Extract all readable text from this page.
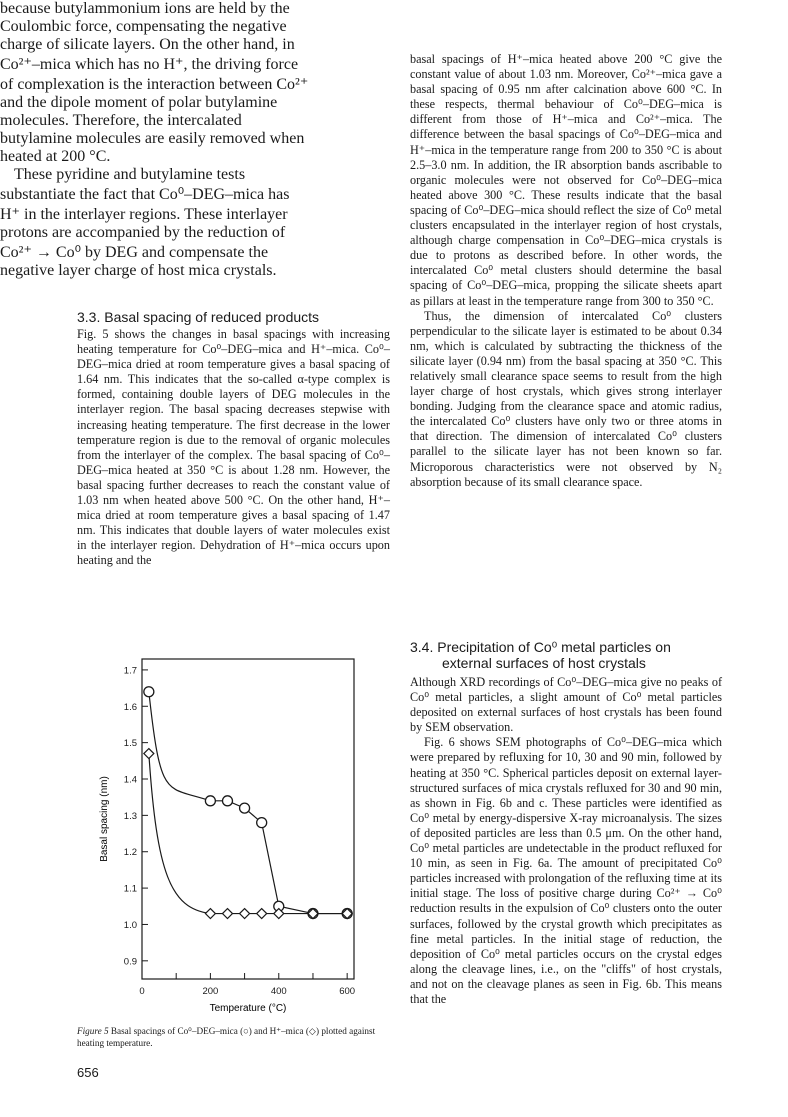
because butylammonium ions are held by the Coulombic force, compensating the negative charge of silicate layers. On the other hand, in Co²⁺–mica which has no H⁺, the driving force of complexation is the interaction between Co²⁺ and the dipole moment of polar butylamine molecules. Therefore, the intercalated butylamine molecules are easily removed when heated at 200 °C.

These pyridine and butylamine tests substantiate the fact that Co⁰–DEG–mica has H⁺ in the interlayer regions. These interlayer protons are accompanied by the reduction of Co²⁺ → Co⁰ by DEG and compensate the negative layer charge of host mica crystals.

3.3. Basal spacing of reduced products

Fig. 5 shows the changes in basal spacings with increasing heating temperature for Co⁰–DEG–mica and H⁺–mica. Co⁰–DEG–mica dried at room temperature gives a basal spacing of 1.64 nm. This indicates that the so-called α-type complex is formed, containing double layers of DEG molecules in the interlayer region. The basal spacing decreases stepwise with increasing heating temperature. The first decrease in the lower temperature region is due to the removal of organic molecules from the interlayer of the complex. The basal spacing of Co⁰–DEG–mica heated at 350 °C is about 1.28 nm. However, the basal spacing further decreases to reach the constant value of 1.03 nm when heated above 500 °C. On the other hand, H⁺–mica dried at room temperature gives a basal spacing of 1.47 nm. This indicates that double layers of water molecules exist in the interlayer region. Dehydration of H⁺–mica occurs upon heating and the

basal spacings of H⁺–mica heated above 200 °C give the constant value of about 1.03 nm. Moreover, Co²⁺–mica gave a basal spacing of 0.95 nm after calcination above 600 °C. In these respects, thermal behaviour of Co⁰–DEG–mica is different from those of H⁺–mica and Co²⁺–mica. The difference between the basal spacings of Co⁰–DEG–mica and H⁺–mica in the temperature range from 200 to 350 °C is about 2.5–3.0 nm. In addition, the IR absorption bands ascribable to organic molecules were not observed for Co⁰–DEG–mica heated above 300 °C. These results indicate that the basal spacing of Co⁰–DEG–mica should reflect the size of Co⁰ metal clusters encapsulated in the interlayer region of host crystals, although charge compensation in Co⁰–DEG–mica crystals is due to protons as described before. In other words, the intercalated Co⁰ metal clusters should determine the basal spacing of Co⁰–DEG–mica, propping the silicate sheets apart as pillars at least in the temperature range from 300 to 350 °C.

Thus, the dimension of intercalated Co⁰ clusters perpendicular to the silicate layer is estimated to be about 0.34 nm, which is calculated by subtracting the thickness of the silicate layer (0.94 nm) from the basal spacing at 350 °C. This relatively small clearance space seems to result from the high layer charge of host crystals, which gives strong interlayer bonding. Judging from the clearance space and atomic radius, the intercalated Co⁰ clusters have only two or three atoms in that direction. The dimension of intercalated Co⁰ clusters parallel to the silicate layer has not been known so far. Microporous characteristics were not observed by N₂ absorption because of its small clearance space.

3.4. Precipitation of Co⁰ metal particles on
external surfaces of host crystals

Although XRD recordings of Co⁰–DEG–mica give no peaks of Co⁰ metal particles, a slight amount of Co⁰ metal particles deposited on external surfaces of host crystals has been found by SEM observation.

Fig. 6 shows SEM photographs of Co⁰–DEG–mica which were prepared by refluxing for 10, 30 and 90 min, followed by heating at 350 °C. Spherical particles deposit on external layer-structured surfaces of mica crystals refluxed for 30 and 90 min, as shown in Fig. 6b and c. These particles were identified as Co⁰ metal by energy-dispersive X-ray microanalysis. The sizes of deposited particles are less than 0.5 μm. On the other hand, Co⁰ metal particles are undetectable in the product refluxed for 10 min, as seen in Fig. 6a. The amount of precipitated Co⁰ particles increased with prolongation of the refluxing time at its initial stage. The loss of positive charge during Co²⁺ → Co⁰ reduction results in the expulsion of Co⁰ clusters onto the outer surfaces, followed by the crystal growth which precipitates as fine metal particles. In the initial stage of reduction, the deposition of Co⁰ metal particles occurs on the crystal edges along the cleavage lines, i.e., on the "cliffs" of host crystals, and not on the cleavage planes as seen in Fig. 6b. This means that the

0.9
1.0
1.1
1.2
1.3
1.4
1.5
1.6
1.7
0	200	400	600
Temperature (°C)
Basal spacing (nm)
Figure 5 Basal spacings of Co⁰–DEG–mica (○) and H⁺–mica (◇) plotted against heating temperature.
656
